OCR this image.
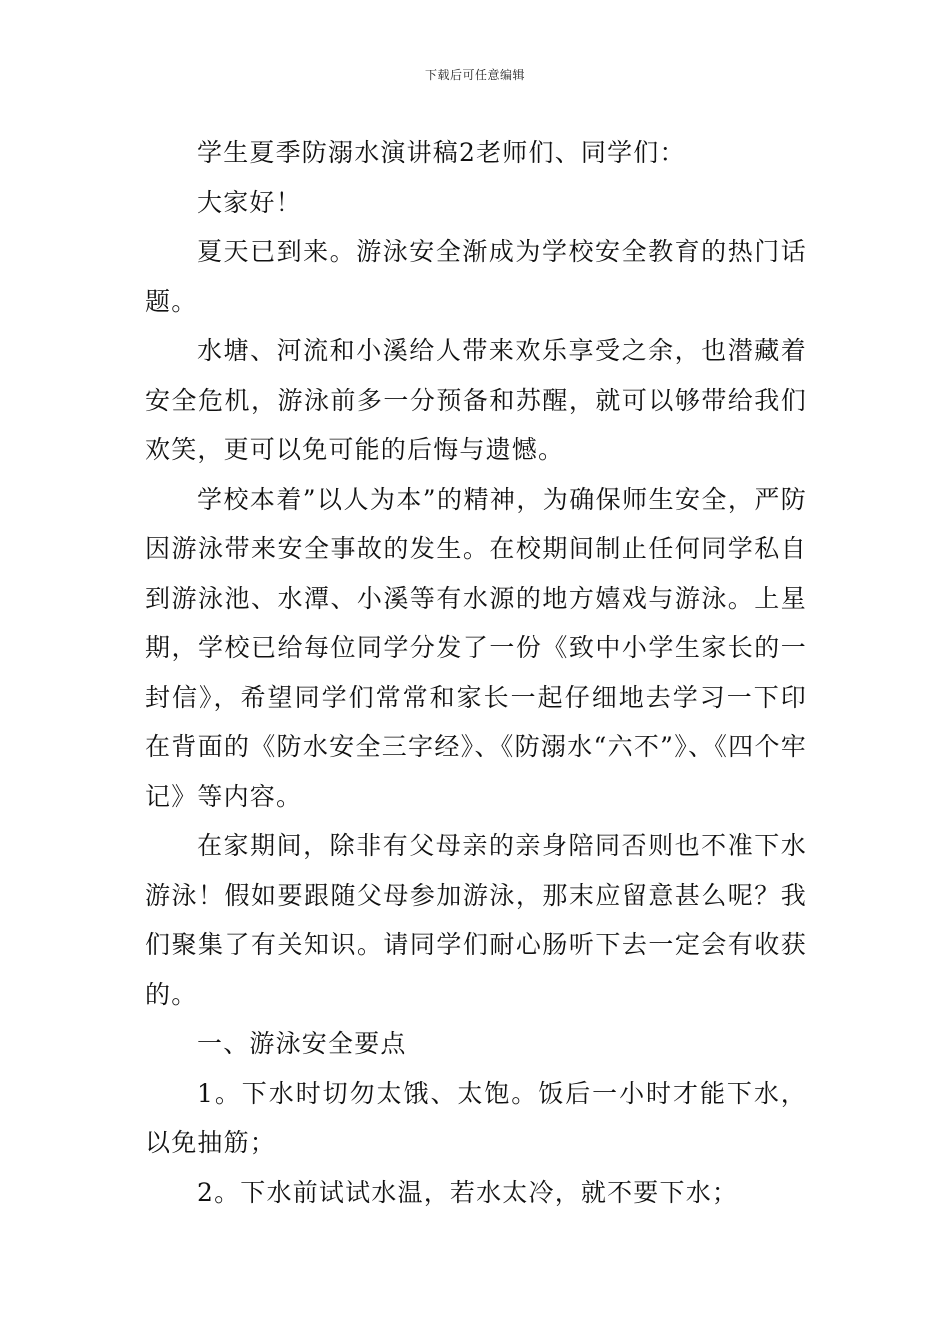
下载后可任意编辑

学生夏季防溺水演讲稿2老师们、同学们：

大家好！

夏天已到来。游泳安全渐成为学校安全教育的热门话题。

水塘、河流和小溪给人带来欢乐享受之余，也潜藏着安全危机，游泳前多一分预备和苏醒，就可以够带给我们欢笑，更可以免可能的后悔与遗憾。

学校本着”以人为本”的精神，为确保师生安全，严防因游泳带来安全事故的发生。在校期间制止任何同学私自到游泳池、水潭、小溪等有水源的地方嬉戏与游泳。上星期，学校已给每位同学分发了一份《致中小学生家长的一封信》，希望同学们常常和家长一起仔细地去学习一下印在背面的《防水安全三字经》、《防溺水“六不”》、《四个牢记》等内容。

在家期间，除非有父母亲的亲身陪同否则也不准下水游泳！假如要跟随父母参加游泳，那末应留意甚么呢？我们聚集了有关知识。请同学们耐心肠听下去一定会有收获的。

一、游泳安全要点

1。下水时切勿太饿、太饱。饭后一小时才能下水，以免抽筋；

2。下水前试试水温，若水太冷，就不要下水；
